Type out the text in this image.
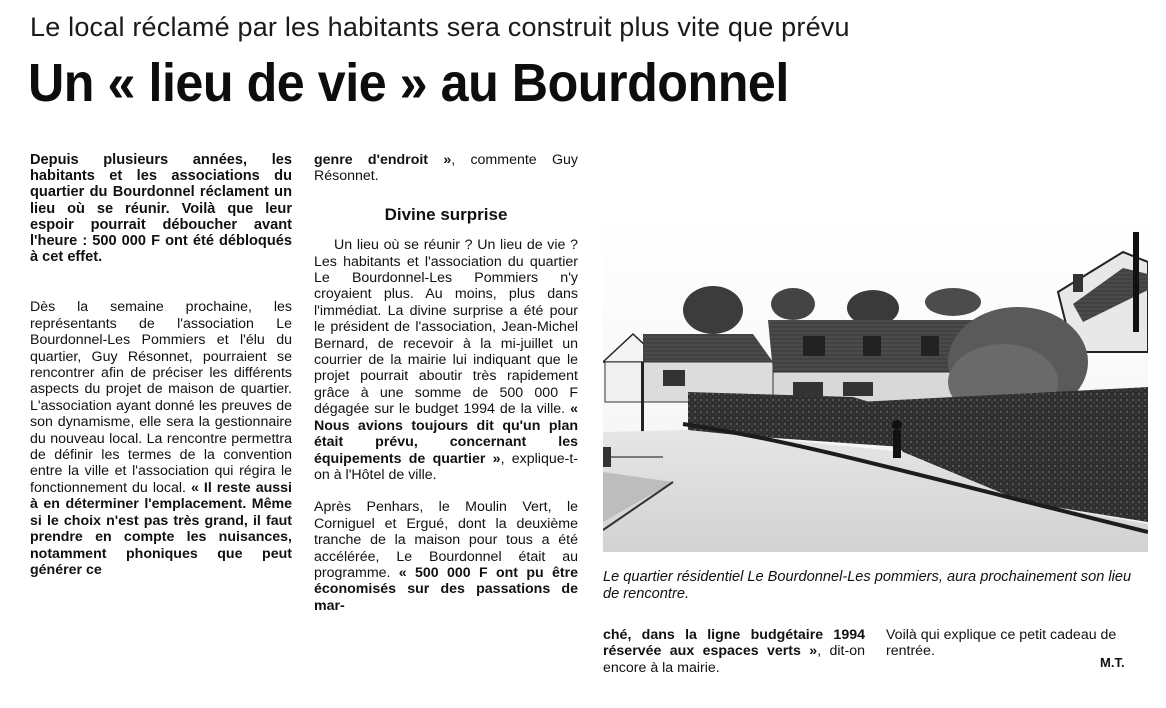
Le local réclamé par les habitants sera construit plus vite que prévu
Un « lieu de vie » au Bourdonnel

Depuis plusieurs années, les habitants et les associations du quartier du Bourdonnel réclament un lieu où se réunir. Voilà que leur espoir pourrait déboucher avant l'heure : 500 000 F ont été débloqués à cet effet.

Dès la semaine prochaine, les représentants de l'association Le Bourdonnel-Les Pommiers et l'élu du quartier, Guy Résonnet, pourraient se rencontrer afin de préciser les différents aspects du projet de maison de quartier. L'association ayant donné les preuves de son dynamisme, elle sera la gestionnaire du nouveau local. La rencontre permettra de définir les termes de la convention entre la ville et l'association qui régira le fonctionnement du local. « Il reste aussi à en déterminer l'emplacement. Même si le choix n'est pas très grand, il faut prendre en compte les nuisances, notamment phoniques que peut générer ce

genre d'endroit », commente Guy Résonnet.

Divine surprise

Un lieu où se réunir ? Un lieu de vie ? Les habitants et l'association du quartier Le Bourdonnel-Les Pommiers n'y croyaient plus. Au moins, plus dans l'immédiat. La divine surprise a été pour le président de l'association, Jean-Michel Bernard, de recevoir à la mi-juillet un courrier de la mairie lui indiquant que le projet pourrait aboutir très rapidement grâce à une somme de 500 000 F dégagée sur le budget 1994 de la ville. « Nous avions toujours dit qu'un plan était prévu, concernant les équipements de quartier », explique-t-on à l'Hôtel de ville.

Après Penhars, le Moulin Vert, le Corniguel et Ergué, dont la deuxième tranche de la maison pour tous a été accélérée, Le Bourdonnel était au programme. « 500 000 F ont pu être économisés sur des passations de mar-

Le quartier résidentiel Le Bourdonnel-Les pommiers, aura prochainement son lieu de rencontre.

ché, dans la ligne budgétaire 1994 réservée aux espaces verts », dit-on encore à la mairie.

Voilà qui explique ce petit cadeau de rentrée.

M.T.
